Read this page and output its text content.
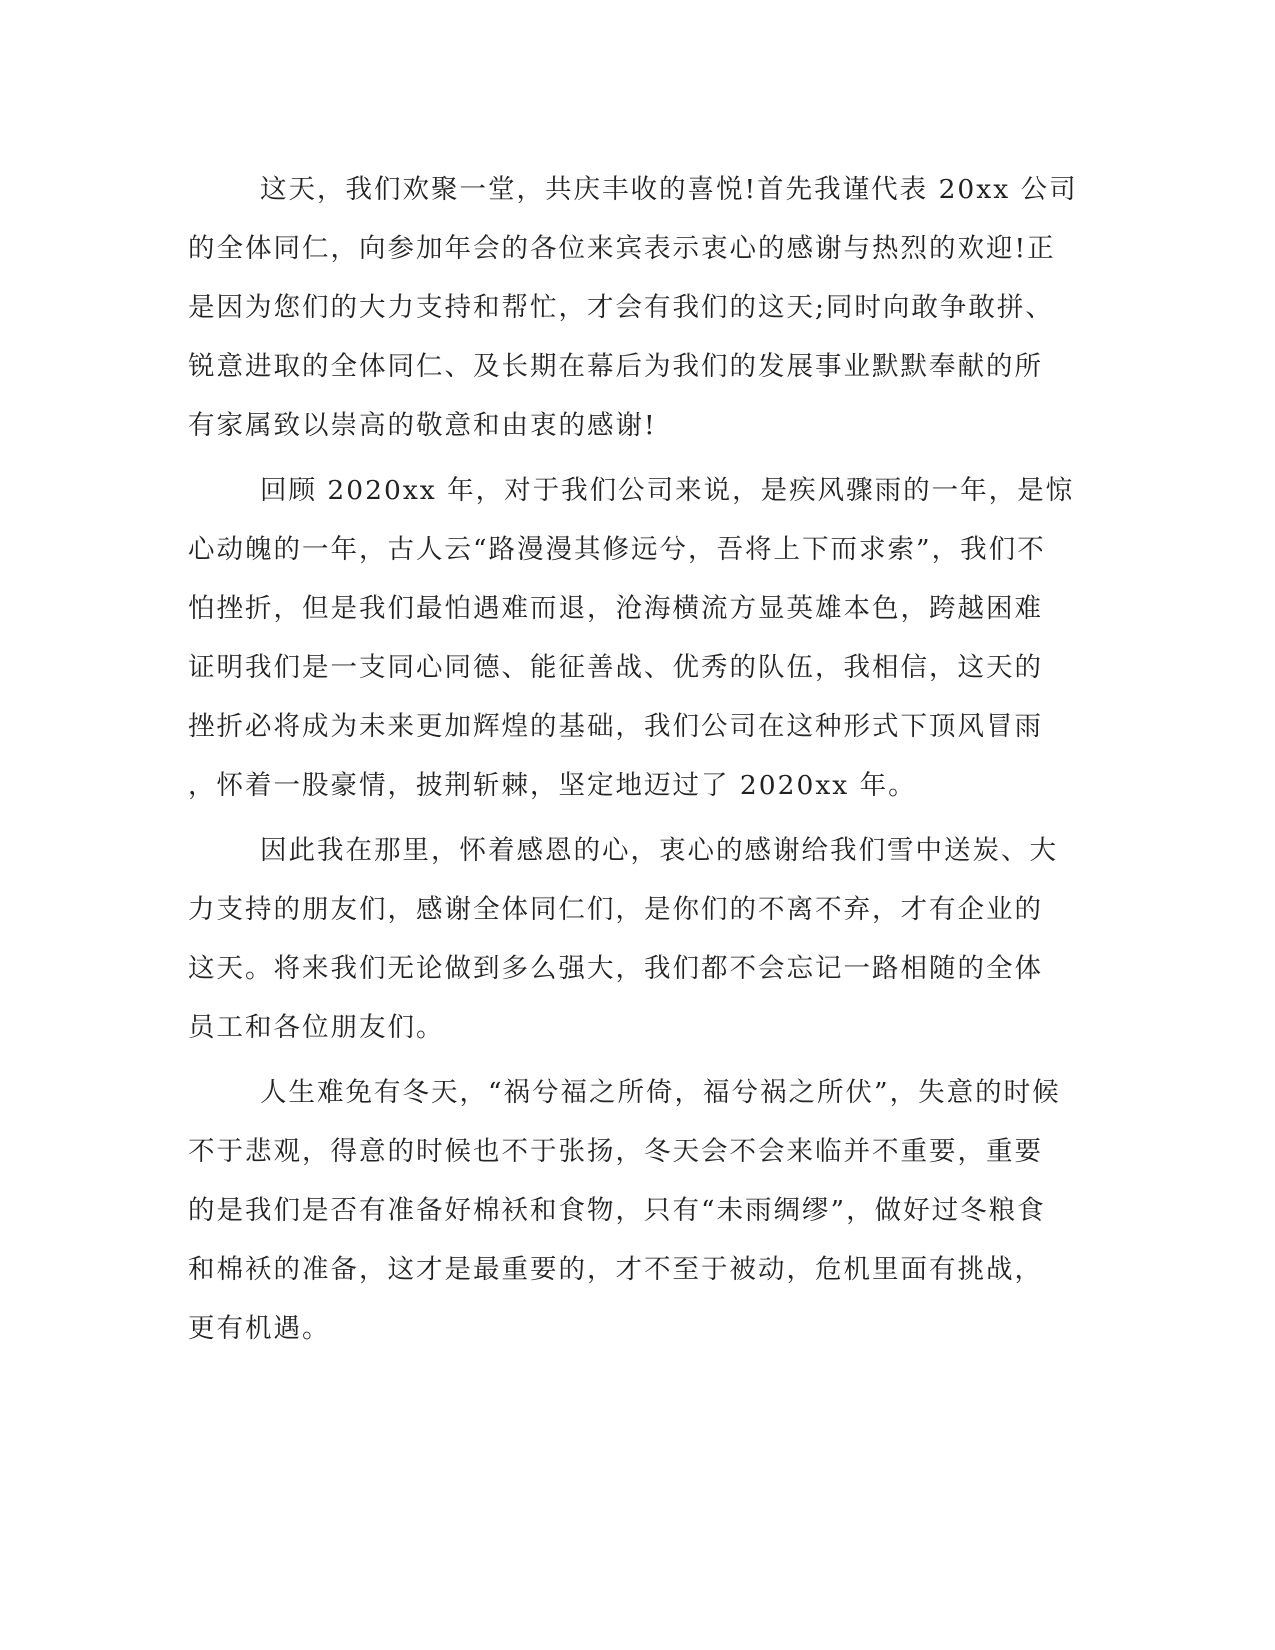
这天，我们欢聚一堂，共庆丰收的喜悦!首先我谨代表 20xx 公司
的全体同仁，向参加年会的各位来宾表示衷心的感谢与热烈的欢迎!正
是因为您们的大力支持和帮忙，才会有我们的这天;同时向敢争敢拼、
锐意进取的全体同仁、及长期在幕后为我们的发展事业默默奉献的所
有家属致以崇高的敬意和由衷的感谢!
回顾 2020xx 年，对于我们公司来说，是疾风骤雨的一年，是惊
心动魄的一年，古人云“路漫漫其修远兮，吾将上下而求索”，我们不
怕挫折，但是我们最怕遇难而退，沧海横流方显英雄本色，跨越困难
证明我们是一支同心同德、能征善战、优秀的队伍，我相信，这天的
挫折必将成为未来更加辉煌的基础，我们公司在这种形式下顶风冒雨
，怀着一股豪情，披荆斩棘，坚定地迈过了 2020xx 年。
因此我在那里，怀着感恩的心，衷心的感谢给我们雪中送炭、大
力支持的朋友们，感谢全体同仁们，是你们的不离不弃，才有企业的
这天。将来我们无论做到多么强大，我们都不会忘记一路相随的全体
员工和各位朋友们。
人生难免有冬天，“祸兮福之所倚，福兮祸之所伏”，失意的时候
不于悲观，得意的时候也不于张扬，冬天会不会来临并不重要，重要
的是我们是否有准备好棉袄和食物，只有“未雨绸缪”，做好过冬粮食
和棉袄的准备，这才是最重要的，才不至于被动，危机里面有挑战，
更有机遇。
